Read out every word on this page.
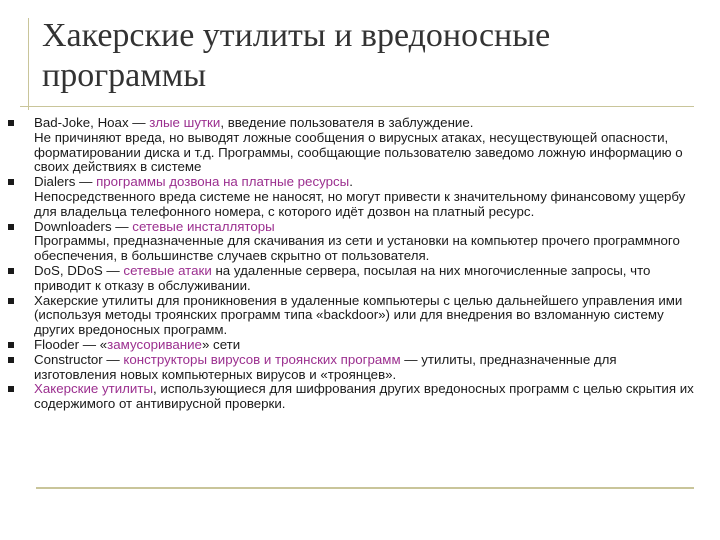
Хакерские утилиты и вредоносные программы
Bad-Joke, Hoax — злые шутки, введение пользователя в заблуждение.
Не причиняют вреда, но выводят ложные сообщения о вирусных атаках, несуществующей опасности, форматировании диска и т.д. Программы, сообщающие пользователю заведомо ложную информацию о своих действиях в системе
Dialers — программы дозвона на платные ресурсы.
Непосредственного вреда системе не наносят, но могут привести к значительному финансовому ущербу для владельца телефонного номера, с которого идёт дозвон на платный ресурс.
Downloaders — сетевые инсталляторы
Программы, предназначенные для скачивания из сети и установки на компьютер прочего программного обеспечения, в большинстве случаев скрытно от пользователя.
DoS, DDoS — сетевые атаки на удаленные сервера, посылая на них многочисленные запросы, что приводит к отказу в обслуживании.
Хакерские утилиты для проникновения в удаленные компьютеры с целью дальнейшего управления ими (используя методы троянских программ типа «backdoor») или для внедрения во взломанную систему других вредоносных программ.
Flooder — «замусоривание» сети
Constructor — конструкторы вирусов и троянских программ — утилиты, предназначенные для изготовления новых компьютерных вирусов и «троянцев».
Хакерские утилиты, использующиеся для шифрования других вредоносных программ с целью скрытия их содержимого от антивирусной проверки.
